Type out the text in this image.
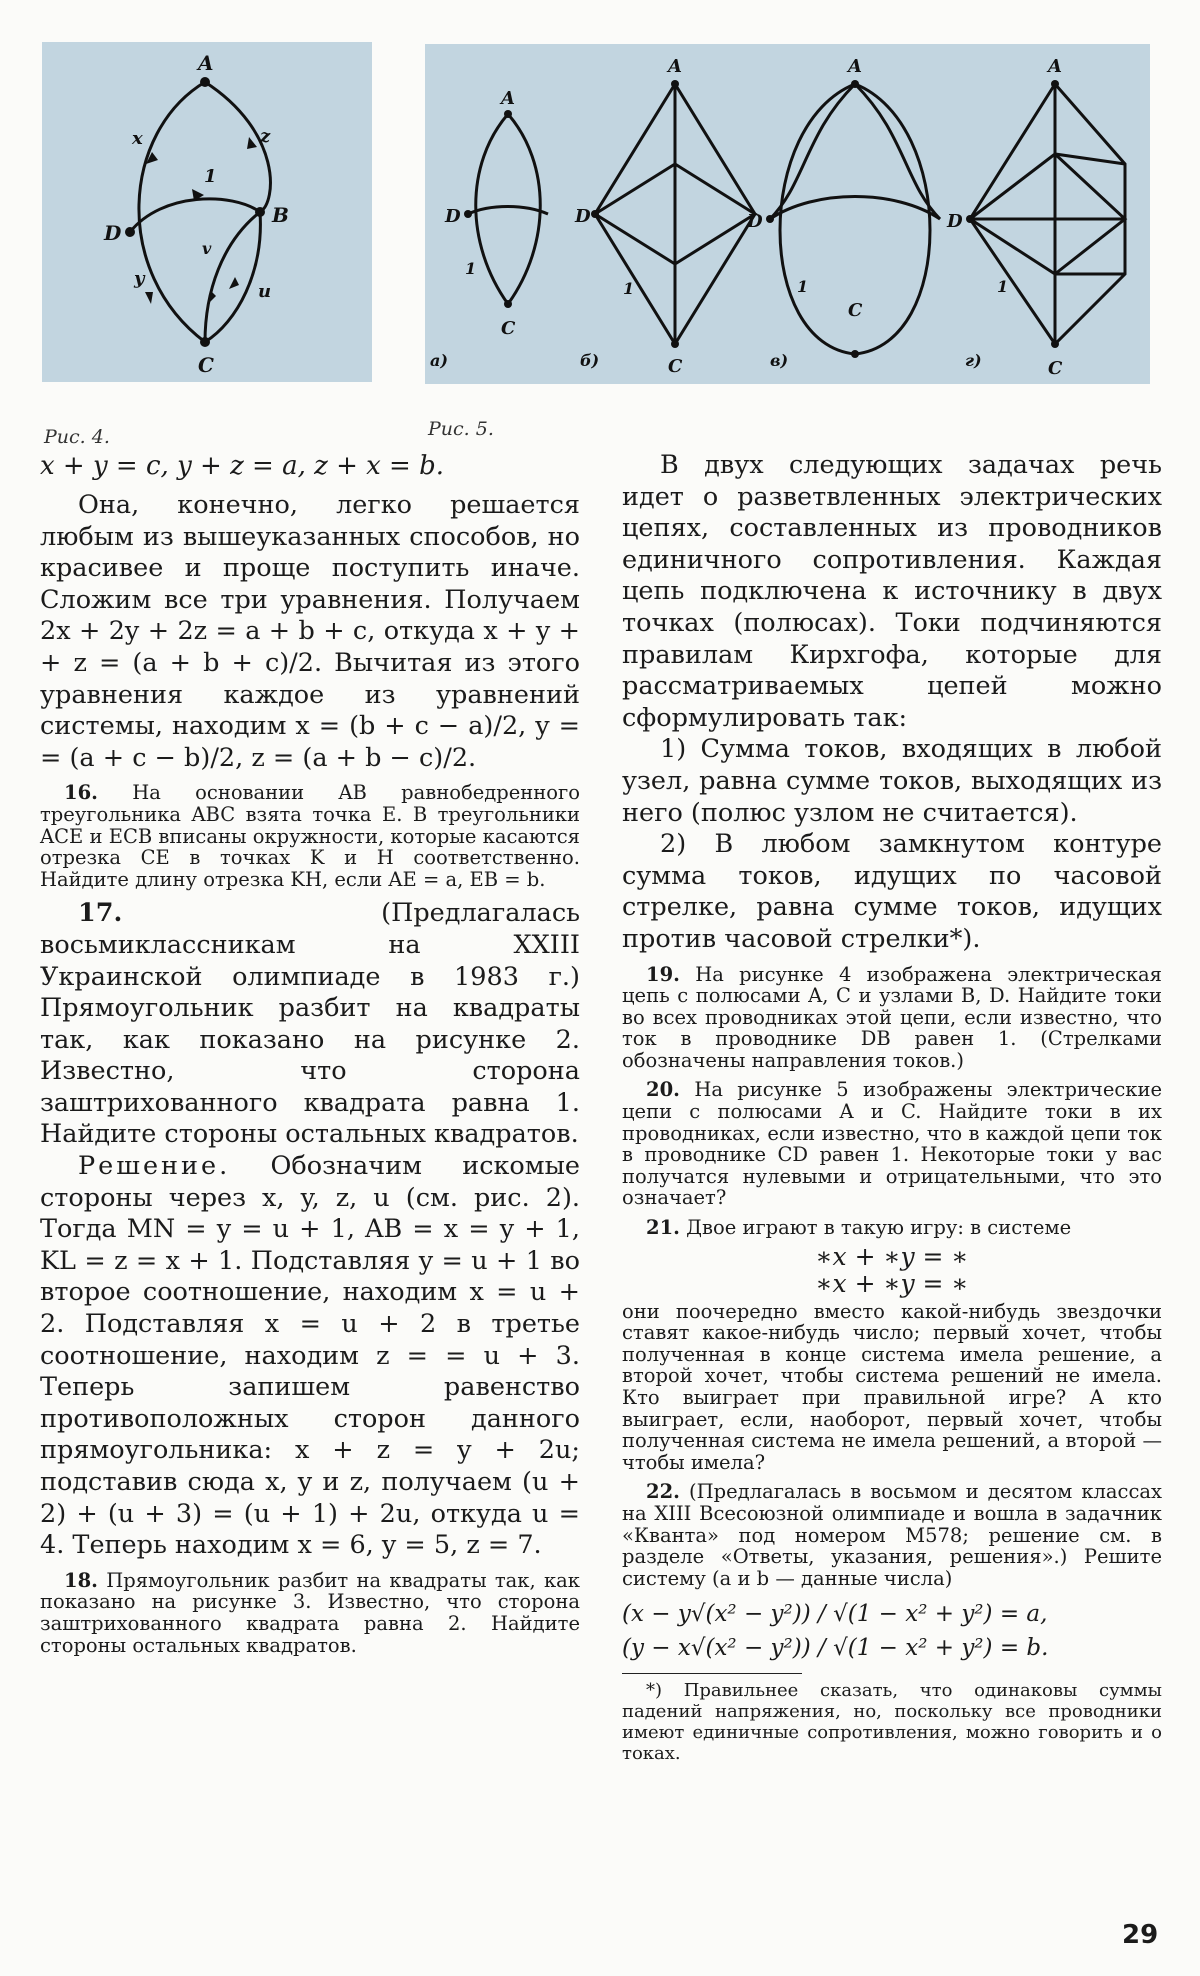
A
B
C
D
x	z
1
v
y
u
Рис. 4.
A
D
1
C
а)
A
D
1
C
б)
A
D
1
C
в)
A
D
1
C
г)
Рис. 5.

x + y = c, y + z = a, z + x = b.

Она, конечно, легко решается любым из вышеуказанных способов, но красивее и проще поступить иначе. Сложим все три уравнения. Получаем 2x + 2y + 2z = a + b + c, откуда x + y + + z = (a + b + c)/2. Вычитая из этого уравнения каждое из уравнений системы, находим x = (b + c − a)/2, y = = (a + c − b)/2, z = (a + b − c)/2.

16. На основании AB равнобедренного треугольника ABC взята точка E. В треугольники ACE и ECB вписаны окружности, которые касаются отрезка CE в точках K и H соответственно. Найдите длину отрезка KH, если AE = a, EB = b.

17.	(Предлагалась восьмиклассникам на XXIII Украинской олимпиаде в 1983 г.) Прямоугольник разбит на квадраты так, как показано на рисунке 2. Известно, что сторона заштрихованного квадрата равна 1. Найдите стороны остальных квадратов.

Решение. Обозначим искомые стороны через x, y, z, u (см. рис. 2). Тогда MN = y = u + 1, AB = x = y + 1, KL = z = x + 1. Подставляя y = u + 1 во второе соотношение, находим x = u + 2. Подставляя x = u + 2 в третье соотношение, находим z = = u + 3. Теперь запишем равенство противоположных сторон данного прямоугольника: x + z = y + 2u; подставив сюда x, y и z, получаем (u + 2) + (u + 3) = (u + 1) + 2u, откуда u = 4. Теперь находим x = 6, y = 5, z = 7.

18. Прямоугольник разбит на квадраты так, как показано на рисунке 3. Известно, что сторона заштрихованного квадрата равна 2. Найдите стороны остальных квадратов.

В двух следующих задачах речь идет о разветвленных электрических цепях, составленных из проводников единичного сопротивления. Каждая цепь подключена к источнику в двух точках (полюсах). Токи подчиняются правилам Кирхгофа, которые для рассматриваемых цепей можно сформулировать так:

1) Сумма токов, входящих в любой узел, равна сумме токов, выходящих из него (полюс узлом не считается).

2) В любом замкнутом контуре сумма токов, идущих по часовой стрелке, равна сумме токов, идущих против часовой стрелки*).

19. На рисунке 4 изображена электрическая цепь с полюсами A, C и узлами B, D. Найдите токи во всех проводниках этой цепи, если известно, что ток в проводнике DB равен 1. (Стрелками обозначены направления токов.)

20. На рисунке 5 изображены электрические цепи с полюсами A и C. Найдите токи в их проводниках, если известно, что в каждой цепи ток в проводнике CD равен 1. Некоторые токи у вас получатся нулевыми и отрицательными, что это означает?

21. Двое играют в такую игру: в системе

∗x + ∗y = ∗
∗x + ∗y = ∗

они поочередно вместо какой-нибудь звездочки ставят какое-нибудь число; первый хочет, чтобы полученная в конце система имела решение, а второй хочет, чтобы система решений не имела. Кто выиграет при правильной игре? А кто выиграет, если, наоборот, первый хочет, чтобы полученная система не имела решений, а второй — чтобы имела?

22. (Предлагалась в восьмом и десятом классах на XIII Всесоюзной олимпиаде и вошла в задачник «Кванта» под номером М578; решение см. в разделе «Ответы, указания, решения».) Решите систему (a и b — данные числа)

(x − y√(x² − y²)) / √(1 − x² + y²) = a,
(y − x√(x² − y²)) / √(1 − x² + y²) = b.

*) Правильнее сказать, что одинаковы суммы падений напряжения, но, поскольку все проводники имеют единичные сопротивления, можно говорить и о токах.

29
